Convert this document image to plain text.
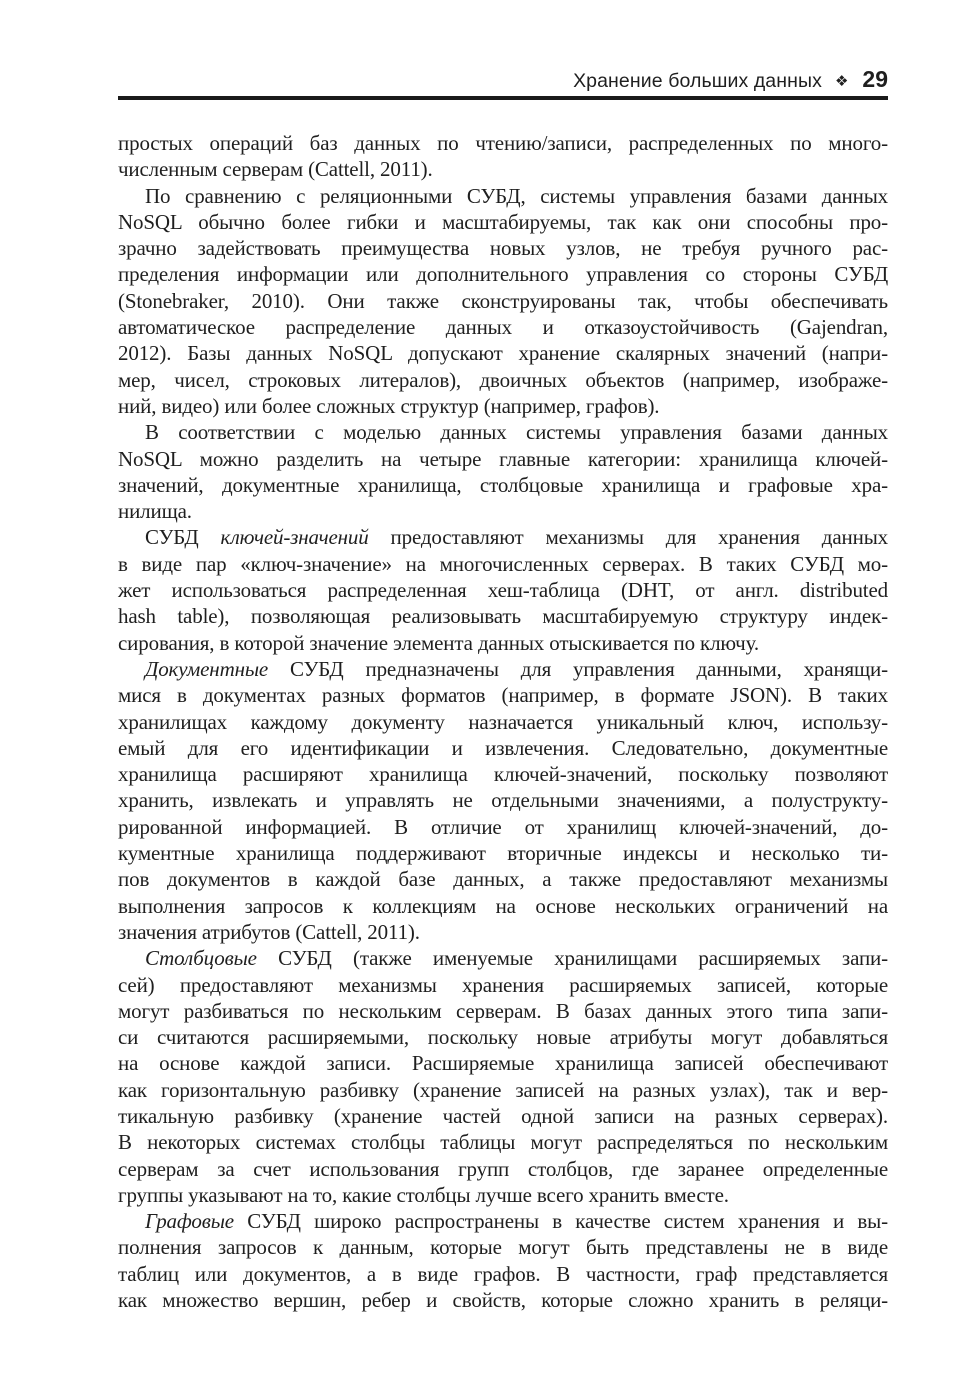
Хранение больших данных ❖ 29

простых операций баз данных по чтению/записи, распределенных по много-
численным серверам (Cattell, 2011).

По сравнению с реляционными СУБД, системы управления базами данных
NoSQL обычно более гибки и масштабируемы, так как они способны про-
зрачно задействовать преимущества новых узлов, не требуя ручного рас-
пределения информации или дополнительного управления со стороны СУБД
(Stonebraker, 2010). Они также сконструированы так, чтобы обеспечивать
автоматическое распределение данных и отказоустойчивость (Gajendran,
2012). Базы данных NoSQL допускают хранение скалярных значений (напри-
мер, чисел, строковых литералов), двоичных объектов (например, изображе-
ний, видео) или более сложных структур (например, графов).

В соответствии с моделью данных системы управления базами данных
NoSQL можно разделить на четыре главные категории: хранилища ключей-
значений, документные хранилища, столбцовые хранилища и графовые хра-
нилища.

СУБД ключей-значений предоставляют механизмы для хранения данных
в виде пар «ключ-значение» на многочисленных серверах. В таких СУБД мо-
жет использоваться распределенная хеш-таблица (DHT, от англ. distributed
hash table), позволяющая реализовывать масштабируемую структуру индек-
сирования, в которой значение элемента данных отыскивается по ключу.

Документные СУБД предназначены для управления данными, хранящи-
мися в документах разных форматов (например, в формате JSON). В таких
хранилищах каждому документу назначается уникальный ключ, использу-
емый для его идентификации и извлечения. Следовательно, документные
хранилища расширяют хранилища ключей-значений, поскольку позволяют
хранить, извлекать и управлять не отдельными значениями, а полуструкту-
рированной информацией. В отличие от хранилищ ключей-значений, до-
кументные хранилища поддерживают вторичные индексы и несколько ти-
пов документов в каждой базе данных, а также предоставляют механизмы
выполнения запросов к коллекциям на основе нескольких ограничений на
значения атрибутов (Cattell, 2011).

Столбцовые СУБД (также именуемые хранилищами расширяемых запи-
сей) предоставляют механизмы хранения расширяемых записей, которые
могут разбиваться по нескольким серверам. В базах данных этого типа запи-
си считаются расширяемыми, поскольку новые атрибуты могут добавляться
на основе каждой записи. Расширяемые хранилища записей обеспечивают
как горизонтальную разбивку (хранение записей на разных узлах), так и вер-
тикальную разбивку (хранение частей одной записи на разных серверах).
В некоторых системах столбцы таблицы могут распределяться по нескольким
серверам за счет использования групп столбцов, где заранее определенные
группы указывают на то, какие столбцы лучше всего хранить вместе.

Графовые СУБД широко распространены в качестве систем хранения и вы-
полнения запросов к данным, которые могут быть представлены не в виде
таблиц или документов, а в виде графов. В частности, граф представляется
как множество вершин, ребер и свойств, которые сложно хранить в реляци-
